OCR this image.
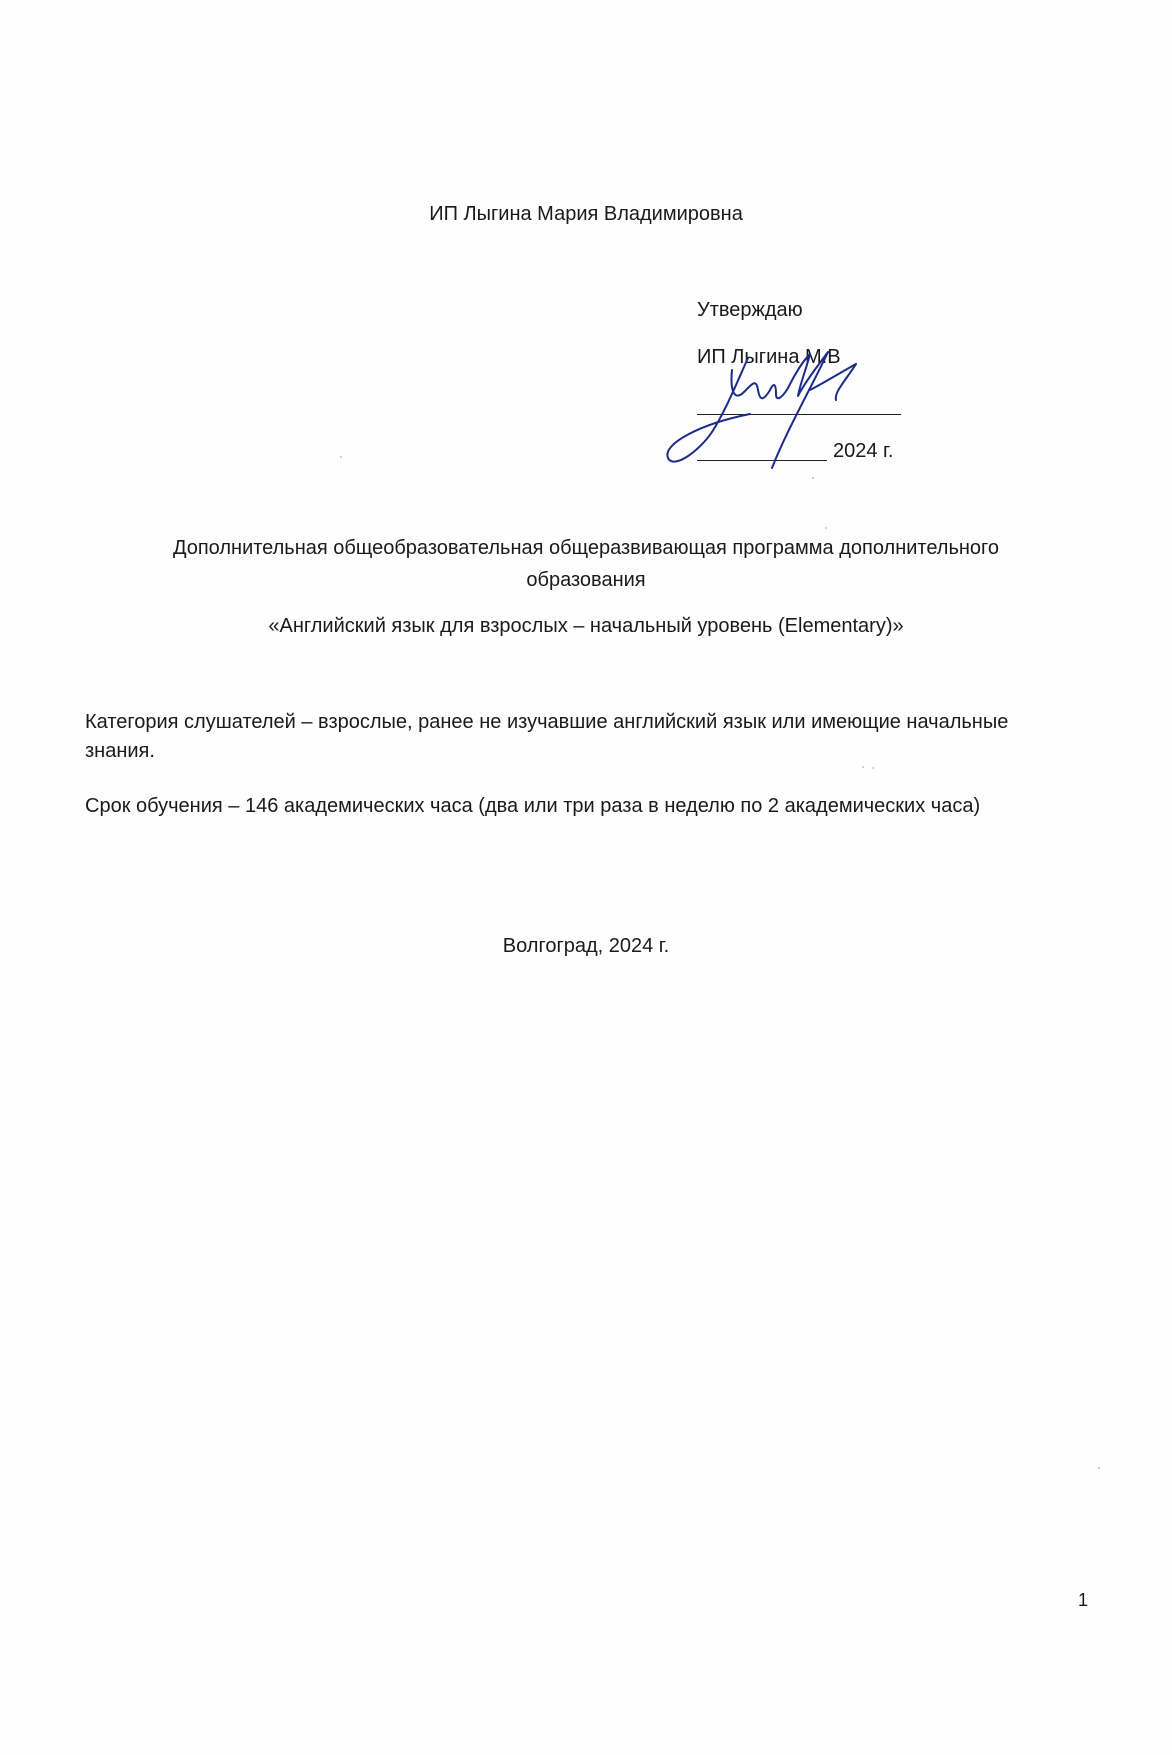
ИП Лыгина Мария Владимировна
Утверждаю
ИП Лыгина М.В
2024 г.
Дополнительная общеобразовательная общеразвивающая программа дополнительного
образования
«Английский язык для взрослых – начальный уровень (Elementary)»
Категория слушателей – взрослые, ранее не изучавшие английский язык или имеющие начальные знания.
Срок обучения – 146 академических часа (два или три раза в неделю по 2 академических часа)
Волгоград, 2024 г.
1
